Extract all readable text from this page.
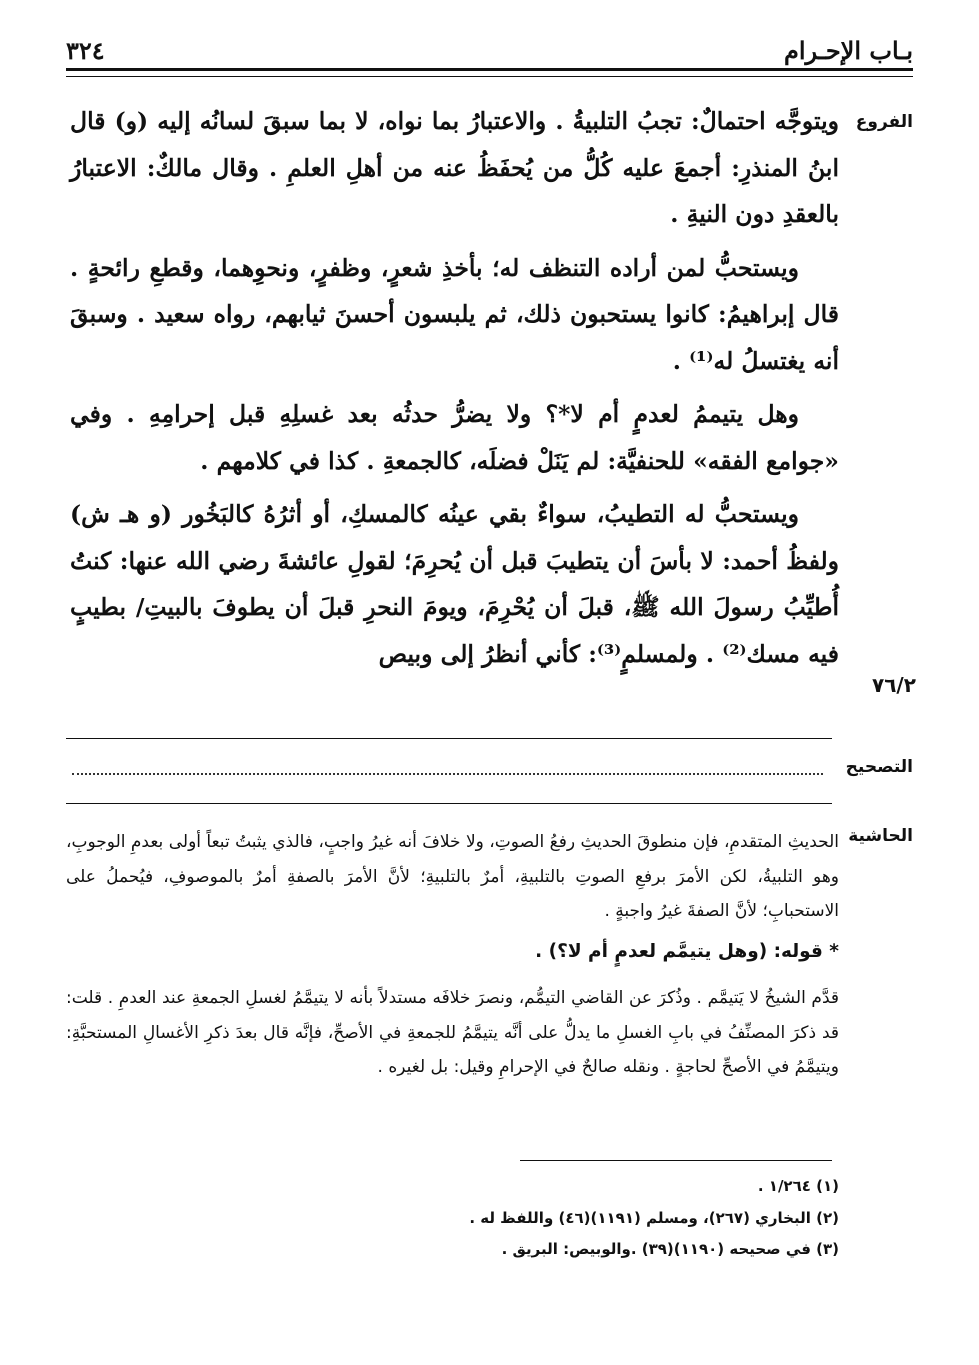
بـاب الإحـرام
٣٢٤
الفروع

ويتوجَّه احتمالٌ: تجبُ التلبيةُ . والاعتبارُ بما نواه، لا بما سبقَ لسانُه إليه (و) قال ابنُ المنذرِ: أجمعَ عليه كُلُّ من يُحفَظُ عنه من أهلِ العلمِ . وقال مالكٌ: الاعتبارُ بالعقدِ دون النيةِ .

ويستحبُّ لمن أراده التنظف له؛ بأخذِ شعرٍ، وظفرٍ، ونحوِهما، وقطعِ رائحةٍ . قال إبراهيمُ: كانوا يستحبون ذلك، ثم يلبسون أحسنَ ثيابهم، رواه سعيد . وسبقَ أنه يغتسلُ له⁽¹⁾ .

وهل يتيممُ لعدمٍ أم لا*؟ ولا يضرُّ حدثُه بعد غسلِهِ قبل إحرامِهِ . وفي «جوامع الفقه» للحنفيَّة: لم يَنَلْ فضلَه، كالجمعةِ . كذا في كلامهم .

ويستحبُّ له التطيبُ، سواءٌ بقي عينُه كالمسكِ، أو أثرُهُ كالبَخُور (و هـ ش) ولفظُ أحمد: لا بأسَ أن يتطيبَ قبل أن يُحرِمَ؛ لقولِ عائشةَ رضي الله عنها: كنتُ أُطيِّبُ رسولَ الله ﷺ، قبلَ أن يُحْرِمَ، ويومَ النحرِ قبلَ أن يطوفَ بالبيتِ/ بطيبٍ فيه مسك⁽²⁾ . ولمسلمٍ⁽³⁾: كأني أنظرُ إلى وبيص

٧٦/٢
التصحيح
الحاشية

الحديثِ المتقدمِ، فإن منطوقَ الحديثِ رفعُ الصوتِ، ولا خلافَ أنه غيرُ واجبٍ، فالذي يثبتُ تبعاً أولى بعدمِ الوجوبِ، وهو التلبيةُ، لكن الأمرَ برفعِ الصوتِ بالتلبيةِ، أمرٌ بالتلبيةِ؛ لأنَّ الأمرَ بالصفةِ أمرٌ بالموصوفِ، فيُحملُ على الاستحبابِ؛ لأنَّ الصفةَ غيرُ واجبةٍ .

* قوله: (وهل يتيمَّم لعدمٍ أم لا؟) .

قدَّم الشيخُ لا يَتيمَّم . وذُكرَ عن القاضي التيمُّم، ونصرَ خلافَه مستدلاً بأنه لا يتيمَّمُ لغسلِ الجمعةِ عند العدمِ . قلت: قد ذكرَ المصنِّفُ في بابِ الغسلِ ما يدلُّ على أنَّه يتيمَّمُ للجمعةِ في الأصحِّ، فإنَّه قال بعدَ ذكرِ الأغسالِ المستحبَّةِ: ويتيمَّمُ في الأصحِّ لحاجةٍ . ونقله صالحٌ في الإحرامِ وقيل: بل لغيره .

(١) ١/٢٦٤ .
(٢) البخاري (٢٦٧)، ومسلم (١١٩١)(٤٦) واللفظ له .
(٣) في صحيحه (١١٩٠)(٣٩) .والوبيص: البريق .
